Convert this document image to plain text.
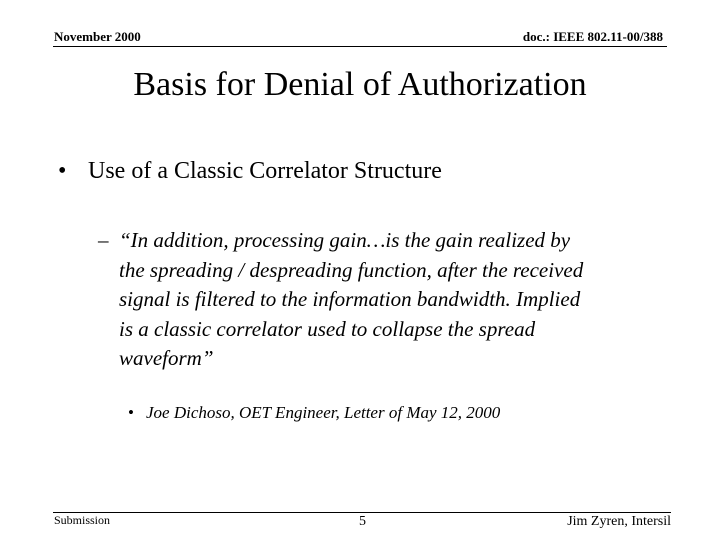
November 2000	doc.: IEEE 802.11-00/388
Basis for Denial of Authorization
• Use of a Classic Correlator Structure
– “In addition, processing gain…is the gain realized by
the spreading / despreading function, after the received
signal is filtered to the information bandwidth. Implied
is a classic correlator used to collapse the spread
waveform”
• Joe Dichoso, OET Engineer, Letter of May 12, 2000
Submission	5	Jim Zyren, Intersil
